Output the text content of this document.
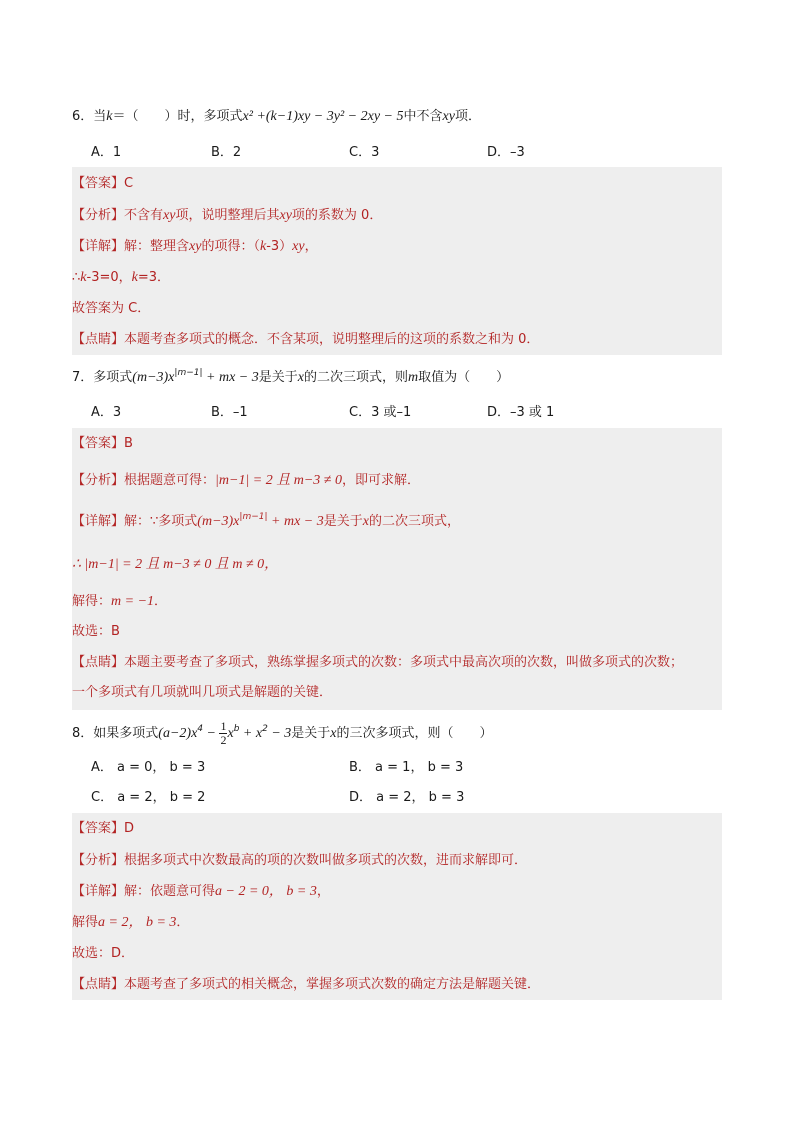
6．当k＝（　　）时，多项式x² +(k−1)xy − 3y² − 2xy − 5中不含xy项．
A．1	B．2	C．3	D．–3
【答案】C
【分析】不含有xy项，说明整理后其xy项的系数为 0．
【详解】解：整理含xy的项得：（k-3）xy，
∴k-3=0，k=3．
故答案为 C．
【点睛】本题考查多项式的概念．不含某项，说明整理后的这项的系数之和为 0．
7．多项式$(m-3)x^{|m-1|}$ + mx − 3是关于x的二次三项式，则m取值为（　　）
A．3	B．–1	C．3 或–1	D．–3 或 1
【答案】B
【分析】根据题意可得：|m−1| = 2 且 m−3 ≠ 0，即可求解．
【详解】解：∵多项式$(m-3)x^{|m-1|}$ + mx − 3是关于x的二次三项式，
∴ |m−1| = 2 且 m−3 ≠ 0 且 m ≠ 0，
解得：m = −1．
故选：B
【点睛】本题主要考查了多项式，熟练掌握多项式的次数：多项式中最高次项的次数，叫做多项式的次数；
一个多项式有几项就叫几项式是解题的关键．
8．如果多项式$(a-2)x^4 - \frac{1}{2} x^b + x^2 - 3$是关于x的三次多项式，则（　　）
A． a = 0， b = 3	B． a = 1， b = 3
C． a = 2， b = 2	D． a = 2， b = 3
【答案】D
【分析】根据多项式中次数最高的项的次数叫做多项式的次数，进而求解即可．
【详解】解：依题意可得a − 2 = 0， b = 3，
解得a = 2， b = 3．
故选：D．
【点睛】本题考查了多项式的相关概念，掌握多项式次数的确定方法是解题关键．
